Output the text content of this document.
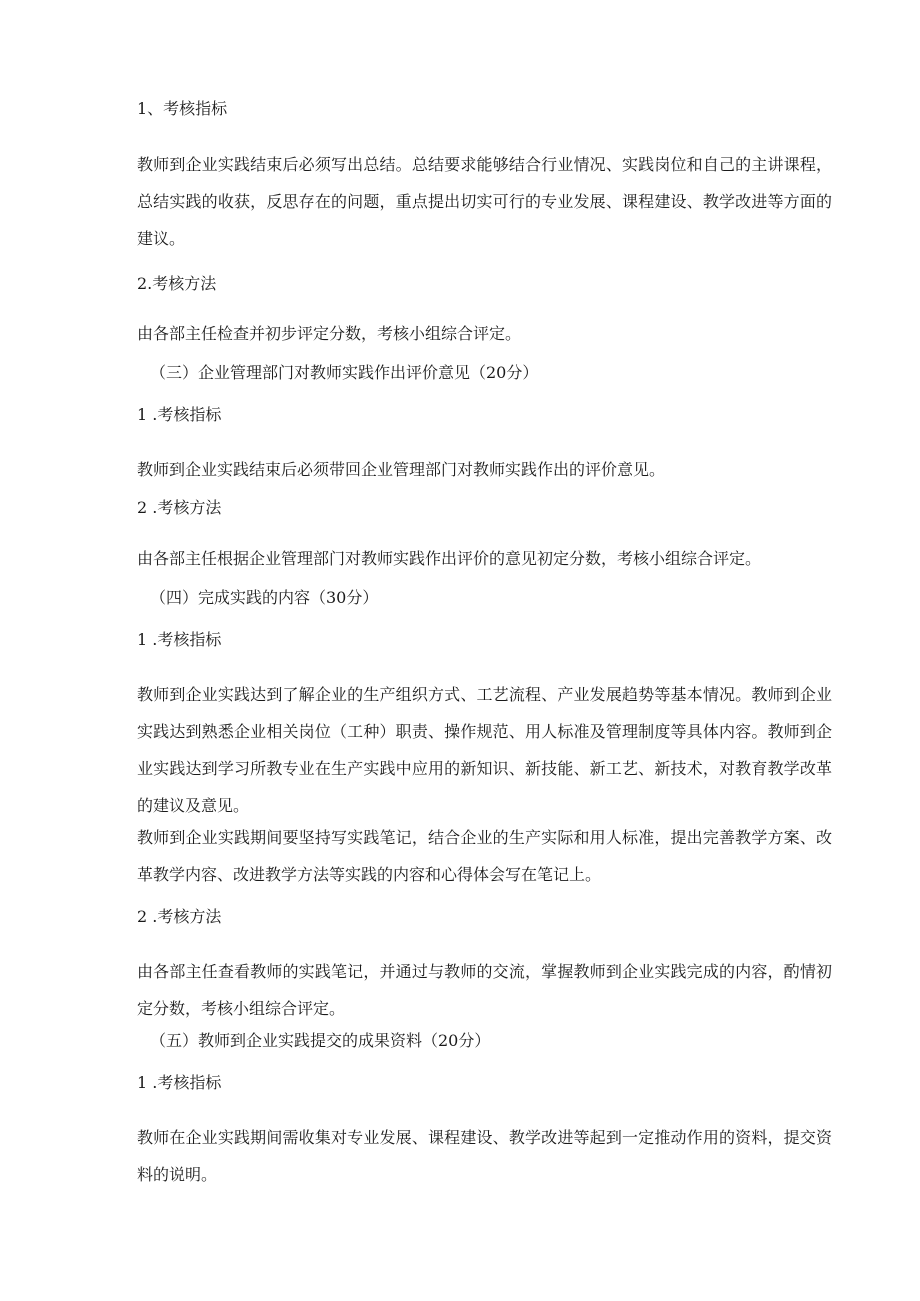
1、考核指标
教师到企业实践结束后必须写出总结。总结要求能够结合行业情况、实践岗位和自己的主讲课程，总结实践的收获，反思存在的问题，重点提出切实可行的专业发展、课程建设、教学改进等方面的建议。
2.考核方法
由各部主任检查并初步评定分数，考核小组综合评定。
（三）企业管理部门对教师实践作出评价意见（20分）
1 .考核指标
教师到企业实践结束后必须带回企业管理部门对教师实践作出的评价意见。
2 .考核方法
由各部主任根据企业管理部门对教师实践作出评价的意见初定分数，考核小组综合评定。
（四）完成实践的内容（30分）
1 .考核指标
教师到企业实践达到了解企业的生产组织方式、工艺流程、产业发展趋势等基本情况。教师到企业实践达到熟悉企业相关岗位（工种）职责、操作规范、用人标准及管理制度等具体内容。教师到企业实践达到学习所教专业在生产实践中应用的新知识、新技能、新工艺、新技术，对教育教学改革的建议及意见。
教师到企业实践期间要坚持写实践笔记，结合企业的生产实际和用人标准，提出完善教学方案、改革教学内容、改进教学方法等实践的内容和心得体会写在笔记上。
2 .考核方法
由各部主任查看教师的实践笔记，并通过与教师的交流，掌握教师到企业实践完成的内容，酌情初定分数，考核小组综合评定。
（五）教师到企业实践提交的成果资料（20分）
1 .考核指标
教师在企业实践期间需收集对专业发展、课程建设、教学改进等起到一定推动作用的资料，提交资料的说明。
